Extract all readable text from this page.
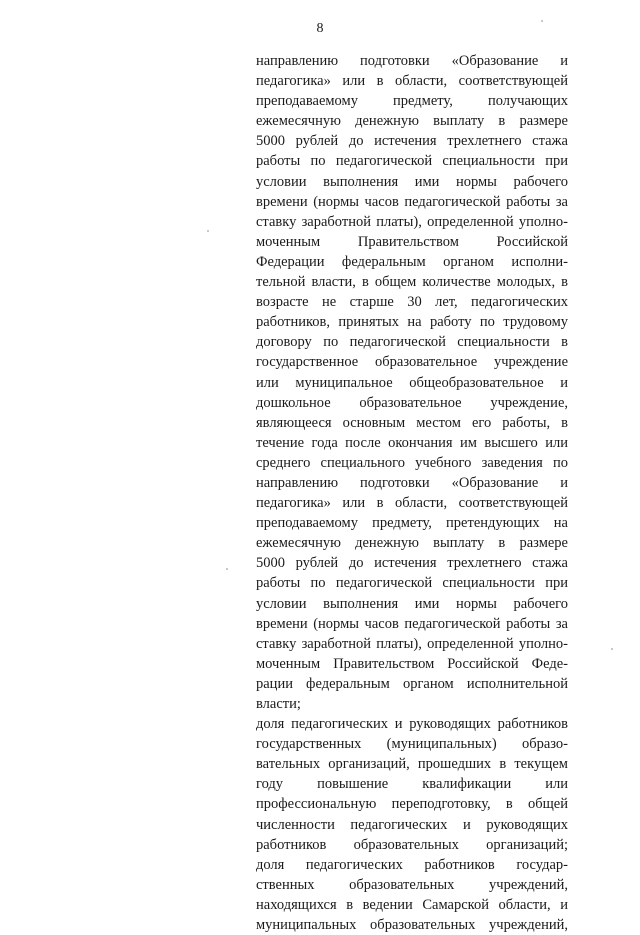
8
направлению подготовки «Образование и
педагогика» или в области, соответствующей
преподаваемому предмету, получающих
ежемесячную денежную выплату в размере
5000 рублей до истечения трехлетнего стажа
работы по педагогической специальности при
условии выполнения ими нормы рабочего
времени (нормы часов педагогической работы за
ставку заработной платы), определенной уполно-
моченным Правительством Российской
Федерации федеральным органом исполни-
тельной власти, в общем количестве молодых, в
возрасте не старше 30 лет, педагогических
работников, принятых на работу по трудовому
договору по педагогической специальности в
государственное образовательное учреждение
или муниципальное общеобразовательное и
дошкольное образовательное учреждение,
являющееся основным местом его работы, в
течение года после окончания им высшего или
среднего специального учебного заведения по
направлению подготовки «Образование и
педагогика» или в области, соответствующей
преподаваемому предмету, претендующих на
ежемесячную денежную выплату в размере
5000 рублей до истечения трехлетнего стажа
работы по педагогической специальности при
условии выполнения ими нормы рабочего
времени (нормы часов педагогической работы за
ставку заработной платы), определенной уполно-
моченным Правительством Российской Феде-
рации федеральным органом исполнительной
власти;
доля педагогических и руководящих работников
государственных (муниципальных) образо-
вательных организаций, прошедших в текущем
году повышение квалификации или
профессиональную переподготовку, в общей
численности педагогических и руководящих
работников образовательных организаций;
доля педагогических работников государ-
ственных образовательных учреждений,
находящихся в ведении Самарской области, и
муниципальных образовательных учреждений,
